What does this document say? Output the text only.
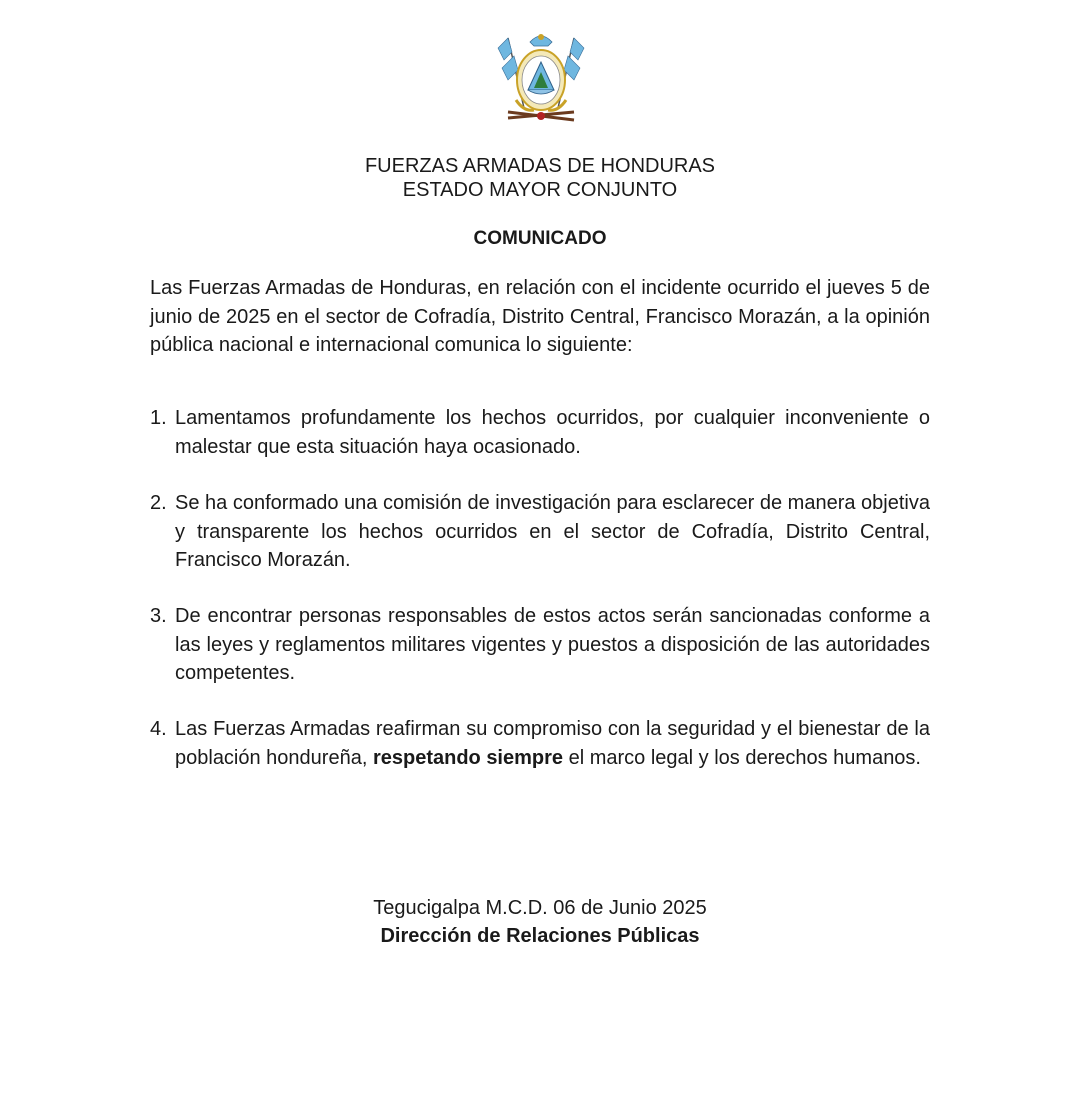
FUERZAS ARMADAS DE HONDURAS
ESTADO MAYOR CONJUNTO
COMUNICADO
Las Fuerzas Armadas de Honduras, en relación con el incidente ocurrido el jueves 5 de junio de 2025 en el sector de Cofradía, Distrito Central, Francisco Morazán, a la opinión pública nacional e internacional comunica lo siguiente:
1. Lamentamos profundamente los hechos ocurridos, por cualquier inconveniente o malestar que esta situación haya ocasionado.
2. Se ha conformado una comisión de investigación para esclarecer de manera objetiva y transparente los hechos ocurridos en el sector de Cofradía, Distrito Central, Francisco Morazán.
3. De encontrar personas responsables de estos actos serán sancionadas conforme a las leyes y reglamentos militares vigentes y puestos a disposición de las autoridades competentes.
4. Las Fuerzas Armadas reafirman su compromiso con la seguridad y el bienestar de la población hondureña, respetando siempre el marco legal y los derechos humanos.
Tegucigalpa M.C.D. 06 de Junio 2025
Dirección de Relaciones Públicas
